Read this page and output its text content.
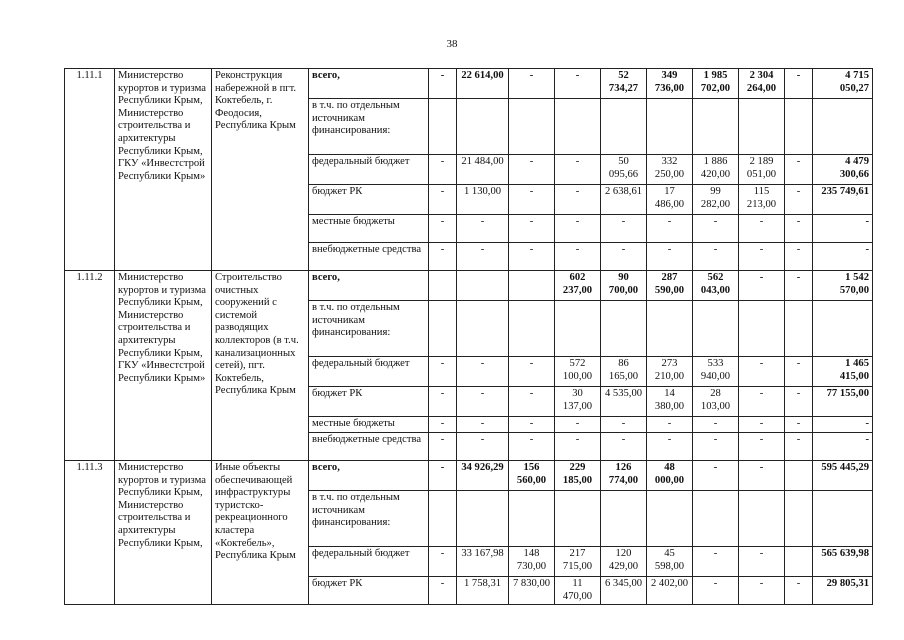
38
1.11.1	Министерство курортов и туризма Республики Крым, Министерство строительства и архитектуры Республики Крым, ГКУ «Инвестстрой Республики Крым»	Реконструкция набережной в пгт. Коктебель, г. Феодосия, Республика Крым	всего,	-	22 614,00	-	-	52 734,27	349 736,00	1 985 702,00	2 304 264,00	-	4 715 050,27
			в т.ч. по отдельным источникам финансирования:										
			федеральный бюджет	-	21 484,00	-	-	50 095,66	332 250,00	1 886 420,00	2 189 051,00	-	4 479 300,66
			бюджет РК	-	1 130,00	-	-	2 638,61	17 486,00	99 282,00	115 213,00	-	235 749,61
			местные бюджеты	-	-	-	-	-	-	-	-	-	-
			внебюджетные средства	-	-	-	-	-	-	-	-	-	-
1.11.2	Министерство курортов и туризма Республики Крым, Министерство строительства и архитектуры Республики Крым, ГКУ «Инвестстрой Республики Крым»	Строительство очистных сооружений с системой разводящих коллекторов (в т.ч. канализационных сетей), пгт. Коктебель, Республика Крым	всего,				602 237,00	90 700,00	287 590,00	562 043,00	-	-	1 542 570,00
			в т.ч. по отдельным источникам финансирования:										
			федеральный бюджет	-	-	-	572 100,00	86 165,00	273 210,00	533 940,00	-	-	1 465 415,00
			бюджет РК	-	-	-	30 137,00	4 535,00	14 380,00	28 103,00	-	-	77 155,00
			местные бюджеты	-	-	-	-	-	-	-	-	-	-
			внебюджетные средства	-	-	-	-	-	-	-	-	-	-
1.11.3	Министерство курортов и туризма Республики Крым, Министерство строительства и архитектуры Республики Крым,	Иные объекты обеспечивающей инфраструктуры туристско-рекреационного кластера «Коктебель», Республика Крым	всего,	-	34 926,29	156 560,00	229 185,00	126 774,00	48 000,00	-	-		595 445,29
			в т.ч. по отдельным источникам финансирования:										
			федеральный бюджет	-	33 167,98	148 730,00	217 715,00	120 429,00	45 598,00	-	-		565 639,98
			бюджет РК	-	1 758,31	7 830,00	11 470,00	6 345,00	2 402,00	-	-	-	29 805,31
